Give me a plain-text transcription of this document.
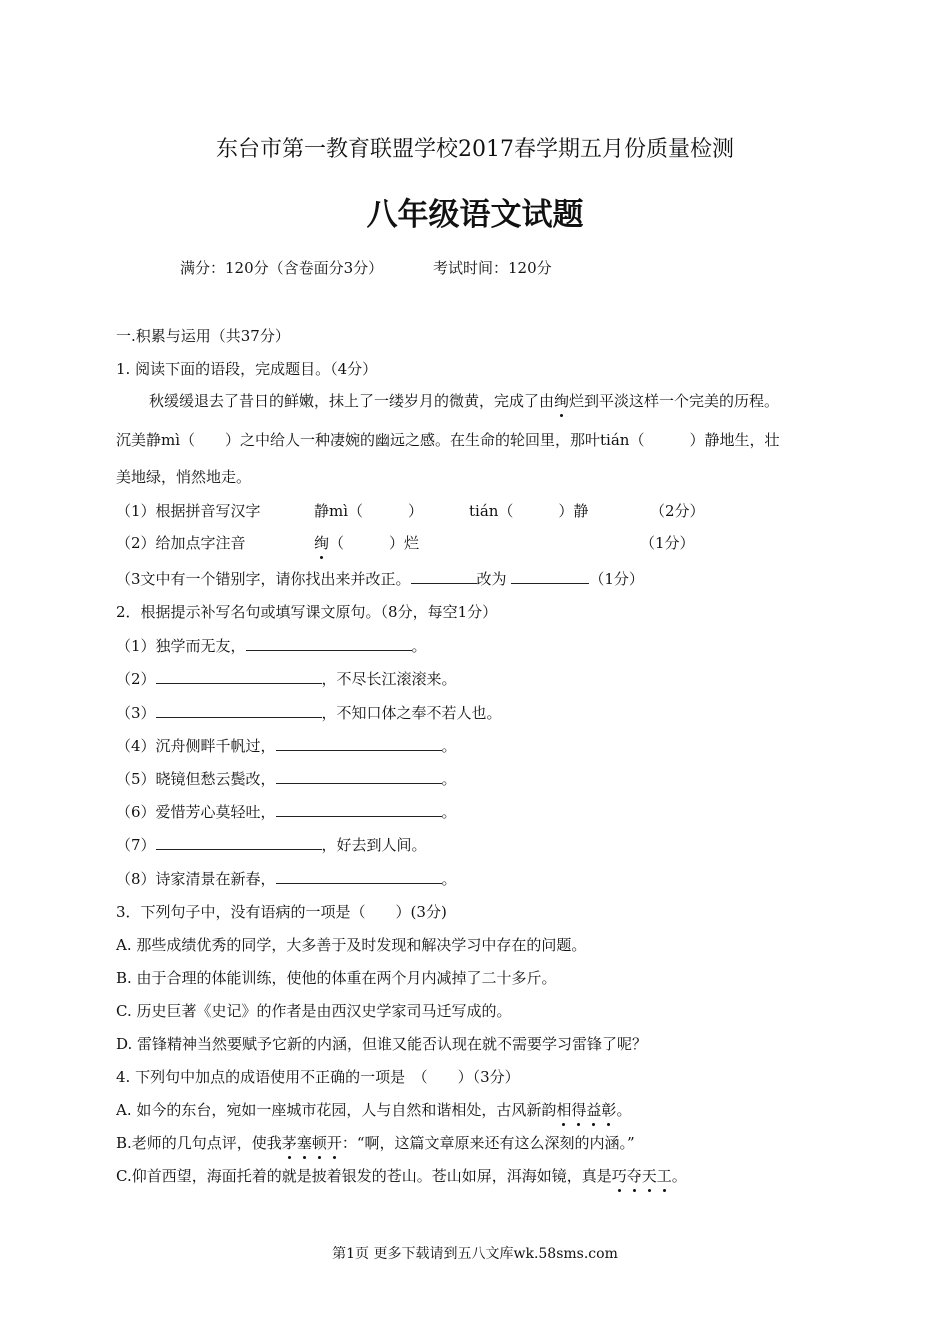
东台市第一教育联盟学校2017春学期五月份质量检测
八年级语文试题
满分：120分（含卷面分3分）	考试时间：120分
一.积累与运用（共37分）
1. 阅读下面的语段，完成题目。（4分）
秋缓缓退去了昔日的鲜嫩，抹上了一缕岁月的微黄，完成了由绚烂到平淡这样一个完美的历程。
沉美静mì（　　）之中给人一种凄婉的幽远之感。在生命的轮回里，那叶tián（　　　）静地生，壮
美地绿，悄然地走。
（1）根据拼音写汉字	静mì（　　　）	tián（　　　）静	（2分）
（2）给加点字注音	绚（　　　）烂	（1分）
（3文中有一个错别字，请你找出来并改正。	改为	（1分）
2．根据提示补写名句或填写课文原句。（8分，每空1分）
（1）独学而无友，	。
（2）	，不尽长江滚滚来。
（3）	，不知口体之奉不若人也。
（4）沉舟侧畔千帆过，	。
（5）晓镜但愁云鬓改，	。
（6）爱惜芳心莫轻吐，	。
（7）	，好去到人间。
（8）诗家清景在新春，	。
3．下列句子中，没有语病的一项是（　　）(3分)
A. 那些成绩优秀的同学，大多善于及时发现和解决学习中存在的问题。
B. 由于合理的体能训练，使他的体重在两个月内减掉了二十多斤。
C. 历史巨著《史记》的作者是由西汉史学家司马迁写成的。
D. 雷锋精神当然要赋予它新的内涵，但谁又能否认现在就不需要学习雷锋了呢？
4. 下列句中加点的成语使用不正确的一项是　（　　）（3分）
A. 如今的东台，宛如一座城市花园，人与自然和谐相处，古风新韵相得益彰。
B.老师的几句点评，使我茅塞顿开：“啊，这篇文章原来还有这么深刻的内涵。”
C.仰首西望，海面托着的就是披着银发的苍山。苍山如屏，洱海如镜，真是巧夺天工。
第1页 更多下载请到五八文库wk.58sms.com
